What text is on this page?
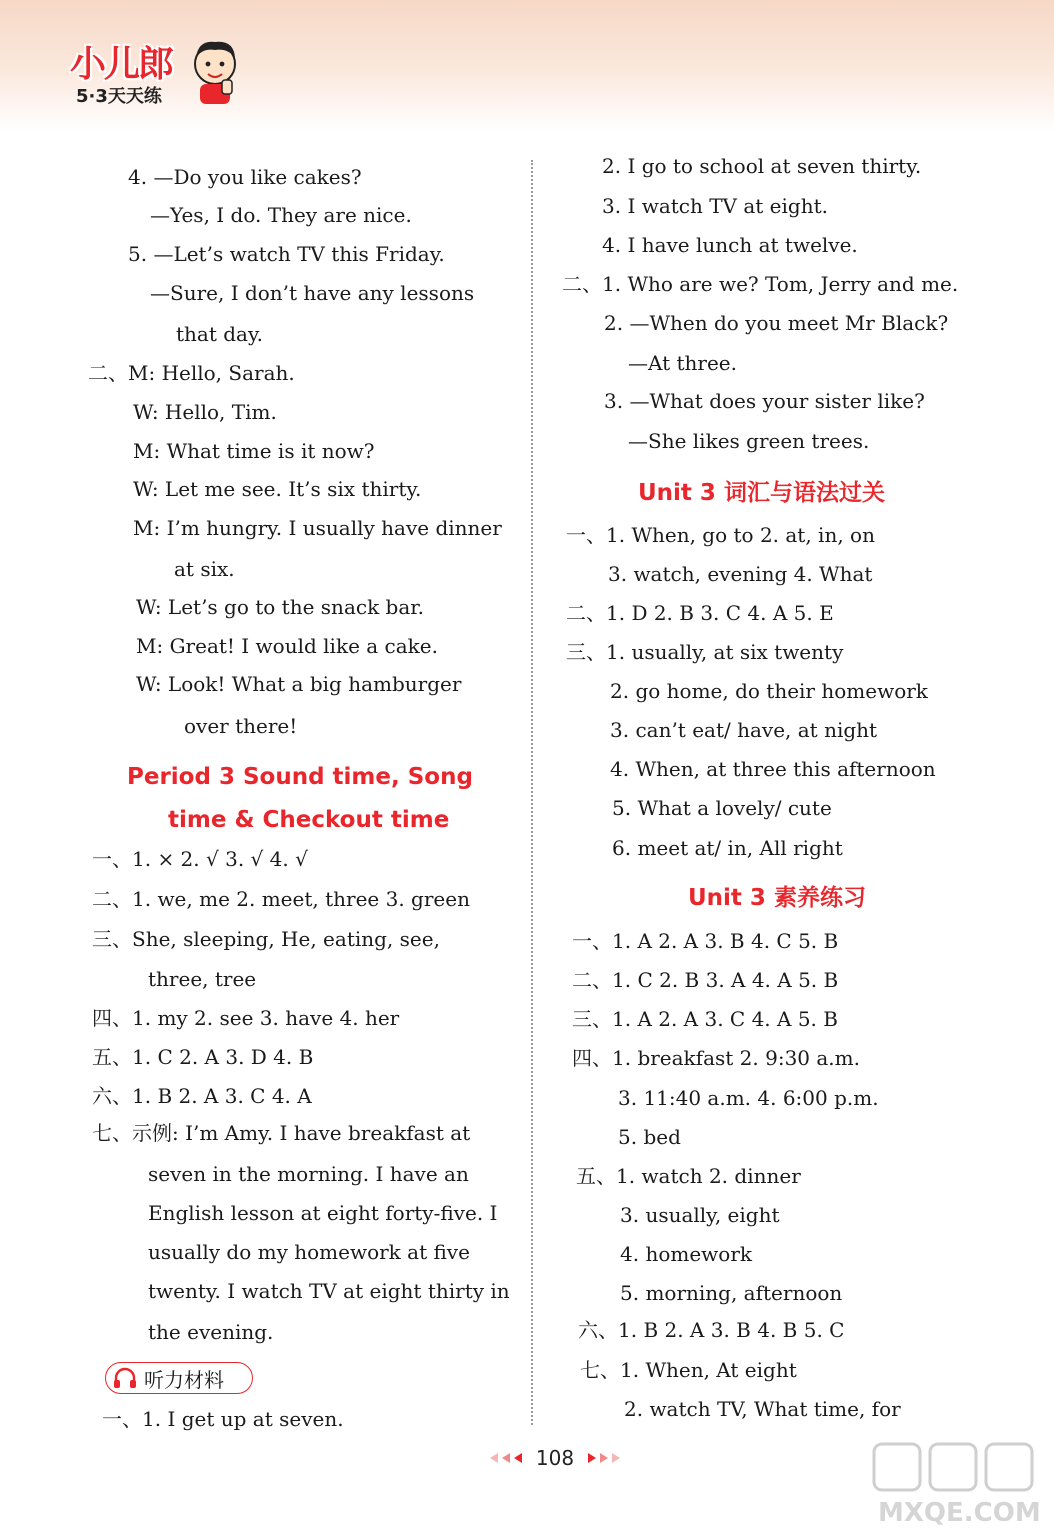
小儿郎
5·3天天练
4. —Do you like cakes?
—Yes, I do. They are nice.
5. —Let’s watch TV this Friday.
—Sure, I don’t have any lessons
that day.
二、M: Hello, Sarah.
W: Hello, Tim.
M: What time is it now?
W: Let me see. It’s six thirty.
M: I’m hungry. I usually have dinner
at six.
W: Let’s go to the snack bar.
M: Great! I would like a cake.
W: Look! What a big hamburger
over there!
一、1. × 2. √ 3. √ 4. √
二、1. we, me 2. meet, three 3. green
三、She, sleeping, He, eating, see,
three, tree
四、1. my 2. see 3. have 4. her
五、1. C 2. A 3. D 4. B
六、1. B 2. A 3. C 4. A
七、示例: I’m Amy. I have breakfast at
seven in the morning. I have an
English lesson at eight forty-five. I
usually do my homework at five
twenty. I watch TV at eight thirty in
the evening.
一、1. I get up at seven.
Period 3 Sound time, Song
time & Checkout time
听力材料
2. I go to school at seven thirty.
3. I watch TV at eight.
4. I have lunch at twelve.
二、1. Who are we? Tom, Jerry and me.
2. —When do you meet Mr Black?
—At three.
3. —What does your sister like?
—She likes green trees.
一、1. When, go to 2. at, in, on
3. watch, evening 4. What
二、1. D 2. B 3. C 4. A 5. E
三、1. usually, at six twenty
2. go home, do their homework
3. can’t eat/ have, at night
4. When, at three this afternoon
5. What a lovely/ cute
6. meet at/ in, All right
一、1. A 2. A 3. B 4. C 5. B
二、1. C 2. B 3. A 4. A 5. B
三、1. A 2. A 3. C 4. A 5. B
四、1. breakfast 2. 9:30 a.m.
3. 11:40 a.m. 4. 6:00 p.m.
5. bed
五、1. watch 2. dinner
3. usually, eight
4. homework
5. morning, afternoon
六、1. B 2. A 3. B 4. B 5. C
七、1. When, At eight
2. watch TV, What time, for
Unit 3 词汇与语法过关
Unit 3 素养练习
108
MXQE.COM
